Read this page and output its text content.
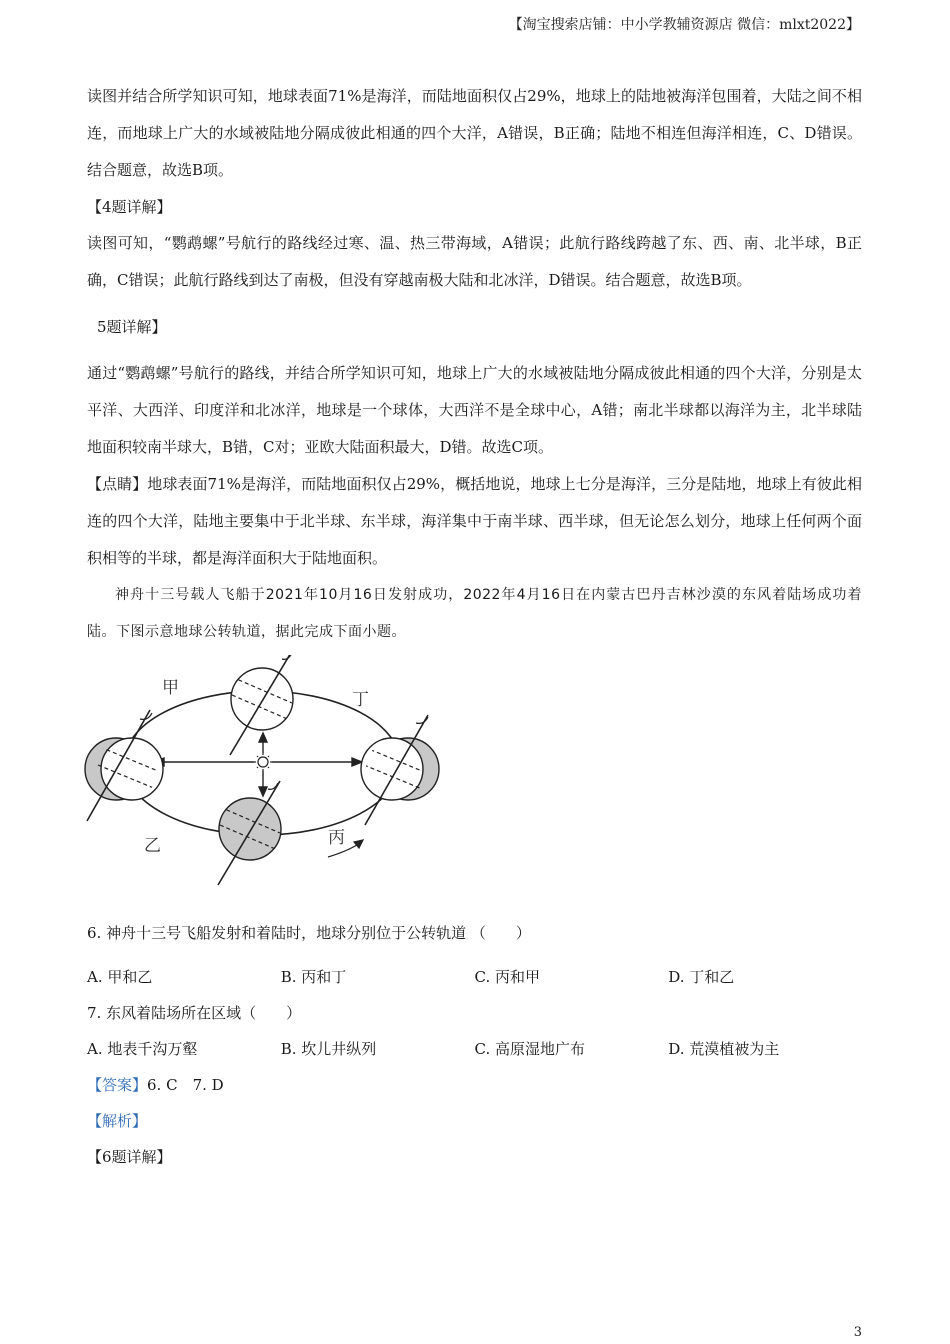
【淘宝搜索店铺：中小学教辅资源店 微信：mlxt2022】

读图并结合所学知识可知，地球表面71%是海洋，而陆地面积仅占29%，地球上的陆地被海洋包围着，大陆之间不相连，而地球上广大的水域被陆地分隔成彼此相通的四个大洋，A错误，B正确；陆地不相连但海洋相连，C、D错误。结合题意，故选B项。

【4题详解】

读图可知，“鹦鹉螺”号航行的路线经过寒、温、热三带海域，A错误；此航行路线跨越了东、西、南、北半球，B正确，C错误；此航行路线到达了南极，但没有穿越南极大陆和北冰洋，D错误。结合题意，故选B项。

5题详解】

通过“鹦鹉螺”号航行的路线，并结合所学知识可知，地球上广大的水域被陆地分隔成彼此相通的四个大洋，分别是太平洋、大西洋、印度洋和北冰洋，地球是一个球体，大西洋不是全球中心，A错；南北半球都以海洋为主，北半球陆地面积较南半球大，B错，C对；亚欧大陆面积最大，D错。故选C项。

【点睛】地球表面71%是海洋，而陆地面积仅占29%，概括地说，地球上七分是海洋，三分是陆地，地球上有彼此相连的四个大洋，陆地主要集中于北半球、东半球，海洋集中于南半球、西半球，但无论怎么划分，地球上任何两个面积相等的半球，都是海洋面积大于陆地面积。

神舟十三号载人飞船于2021年10月16日发射成功，2022年4月16日在内蒙古巴丹吉林沙漠的东风着陆场成功着陆。下图示意地球公转轨道，据此完成下面小题。

甲
丁
乙	丙

6. 神舟十三号飞船发射和着陆时，地球分别位于公转轨道 （　　）

A. 甲和乙	B. 丙和丁	C. 丙和甲	D. 丁和乙

7. 东风着陆场所在区域（　　）

A. 地表千沟万壑	B. 坎儿井纵列	C. 高原湿地广布	D. 荒漠植被为主

【答案】6. C　7. D

【解析】

【6题详解】

3
